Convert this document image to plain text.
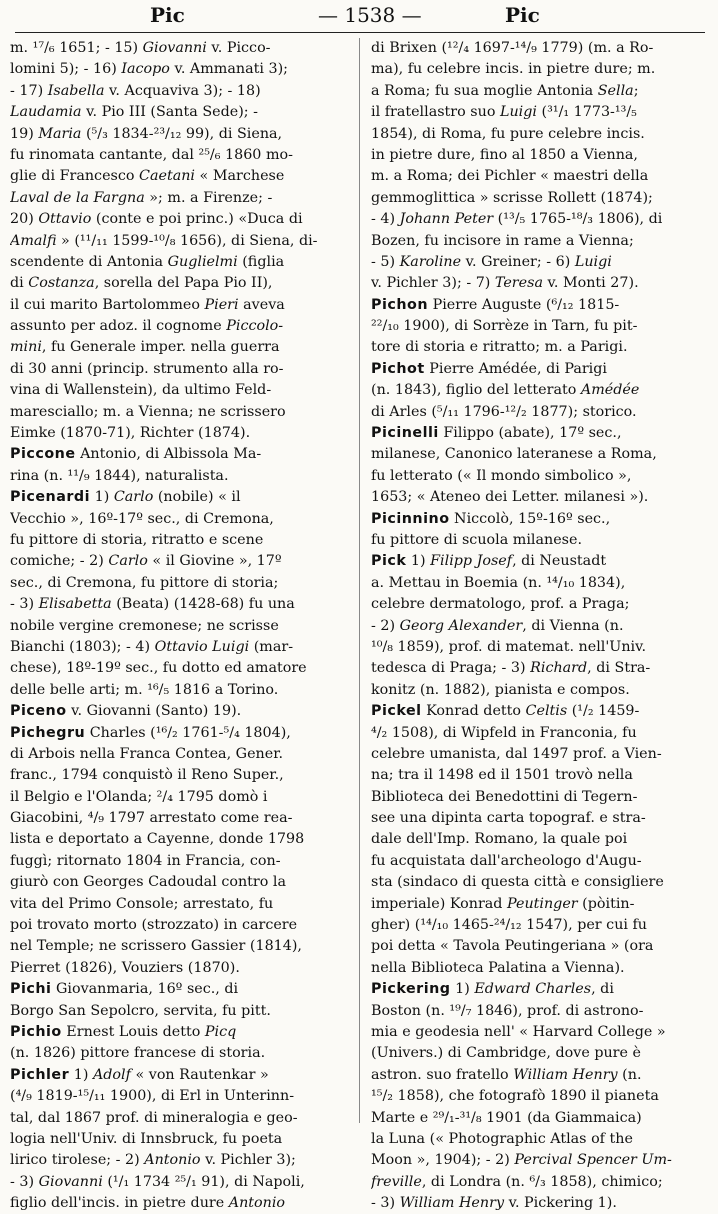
Pic	— 1538 —	Pic
m. ¹⁷/₆ 1651; - 15) Giovanni v. Picco-
lomini 5); - 16) Iacopo v. Ammanati 3);
- 17) Isabella v. Acquaviva 3); - 18)
Laudamia v. Pio III (Santa Sede); -
19) Maria (⁵/₃ 1834-²³/₁₂ 99), di Siena,
fu rinomata cantante, dal ²⁵/₆ 1860 mo-
glie di Francesco Caetani « Marchese
Laval de la Fargna »; m. a Firenze; -
20) Ottavio (conte e poi princ.) «Duca di
Amalfi » (¹¹/₁₁ 1599-¹⁰/₈ 1656), di Siena, di-
scendente di Antonia Guglielmi (figlia
di Costanza, sorella del Papa Pio II),
il cui marito Bartolommeo Pieri aveva
assunto per adoz. il cognome Piccolo-
mini, fu Generale imper. nella guerra
di 30 anni (princip. strumento alla ro-
vina di Wallenstein), da ultimo Feld-
maresciallo; m. a Vienna; ne scrissero
Eimke (1870-71), Richter (1874).
Piccone Antonio, di Albissola Ma-
rina (n. ¹¹/₉ 1844), naturalista.
Picenardi 1) Carlo (nobile) « il
Vecchio », 16º-17º sec., di Cremona,
fu pittore di storia, ritratto e scene
comiche; - 2) Carlo « il Giovine », 17º
sec., di Cremona, fu pittore di storia;
- 3) Elisabetta (Beata) (1428-68) fu una
nobile vergine cremonese; ne scrisse
Bianchi (1803); - 4) Ottavio Luigi (mar-
chese), 18º-19º sec., fu dotto ed amatore
delle belle arti; m. ¹⁶/₅ 1816 a Torino.
Piceno v. Giovanni (Santo) 19).
Pichegru Charles (¹⁶/₂ 1761-⁵/₄ 1804),
di Arbois nella Franca Contea, Gener.
franc., 1794 conquistò il Reno Super.,
il Belgio e l'Olanda; ²/₄ 1795 domò i
Giacobini, ⁴/₉ 1797 arrestato come rea-
lista e deportato a Cayenne, donde 1798
fuggì; ritornato 1804 in Francia, con-
giurò con Georges Cadoudal contro la
vita del Primo Console; arrestato, fu
poi trovato morto (strozzato) in carcere
nel Temple; ne scrissero Gassier (1814),
Pierret (1826), Vouziers (1870).
Pichi Giovanmaria, 16º sec., di
Borgo San Sepolcro, servita, fu pitt.
Pichio Ernest Louis detto Picq
(n. 1826) pittore francese di storia.
Pichler 1) Adolf « von Rautenkar »
(⁴/₉ 1819-¹⁵/₁₁ 1900), di Erl in Unterinn-
tal, dal 1867 prof. di mineralogia e geo-
logia nell'Univ. di Innsbruck, fu poeta
lirico tirolese; - 2) Antonio v. Pichler 3);
- 3) Giovanni (¹/₁ 1734 ²⁵/₁ 91), di Napoli,
figlio dell'incis. in pietre dure Antonio
di Brixen (¹²/₄ 1697-¹⁴/₉ 1779) (m. a Ro-
ma), fu celebre incis. in pietre dure; m.
a Roma; fu sua moglie Antonia Sella;
il fratellastro suo Luigi (³¹/₁ 1773-¹³/₅
1854), di Roma, fu pure celebre incis.
in pietre dure, fino al 1850 a Vienna,
m. a Roma; dei Pichler « maestri della
gemmoglittica » scrisse Rollett (1874);
- 4) Johann Peter (¹³/₅ 1765-¹⁸/₃ 1806), di
Bozen, fu incisore in rame a Vienna;
- 5) Karoline v. Greiner; - 6) Luigi
v. Pichler 3); - 7) Teresa v. Monti 27).
Pichon Pierre Auguste (⁶/₁₂ 1815-
²²/₁₀ 1900), di Sorrèze in Tarn, fu pit-
tore di storia e ritratto; m. a Parigi.
Pichot Pierre Amédée, di Parigi
(n. 1843), figlio del letterato Amédée
di Arles (⁵/₁₁ 1796-¹²/₂ 1877); storico.
Picinelli Filippo (abate), 17º sec.,
milanese, Canonico lateranese a Roma,
fu letterato (« Il mondo simbolico »,
1653; « Ateneo dei Letter. milanesi »).
Picinnino Niccolò, 15º-16º sec.,
fu pittore di scuola milanese.
Pick 1) Filipp Josef, di Neustadt
a. Mettau in Boemia (n. ¹⁴/₁₀ 1834),
celebre dermatologo, prof. a Praga;
- 2) Georg Alexander, di Vienna (n.
¹⁰/₈ 1859), prof. di matemat. nell'Univ.
tedesca di Praga; - 3) Richard, di Stra-
konitz (n. 1882), pianista e compos.
Pickel Konrad detto Celtis (¹/₂ 1459-
⁴/₂ 1508), di Wipfeld in Franconia, fu
celebre umanista, dal 1497 prof. a Vien-
na; tra il 1498 ed il 1501 trovò nella
Biblioteca dei Benedottini di Tegern-
see una dipinta carta topograf. e stra-
dale dell'Imp. Romano, la quale poi
fu acquistata dall'archeologo d'Augu-
sta (sindaco di questa città e consigliere
imperiale) Konrad Peutinger (pòitin-
gher) (¹⁴/₁₀ 1465-²⁴/₁₂ 1547), per cui fu
poi detta « Tavola Peutingeriana » (ora
nella Biblioteca Palatina a Vienna).
Pickering 1) Edward Charles, di
Boston (n. ¹⁹/₇ 1846), prof. di astrono-
mia e geodesia nell' « Harvard College »
(Univers.) di Cambridge, dove pure è
astron. suo fratello William Henry (n.
¹⁵/₂ 1858), che fotografò 1890 il pianeta
Marte e ²⁹/₁-³¹/₈ 1901 (da Giammaica)
la Luna (« Photographic Atlas of the
Moon », 1904); - 2) Percival Spencer Um-
freville, di Londra (n. ⁶/₃ 1858), chimico;
- 3) William Henry v. Pickering 1).
